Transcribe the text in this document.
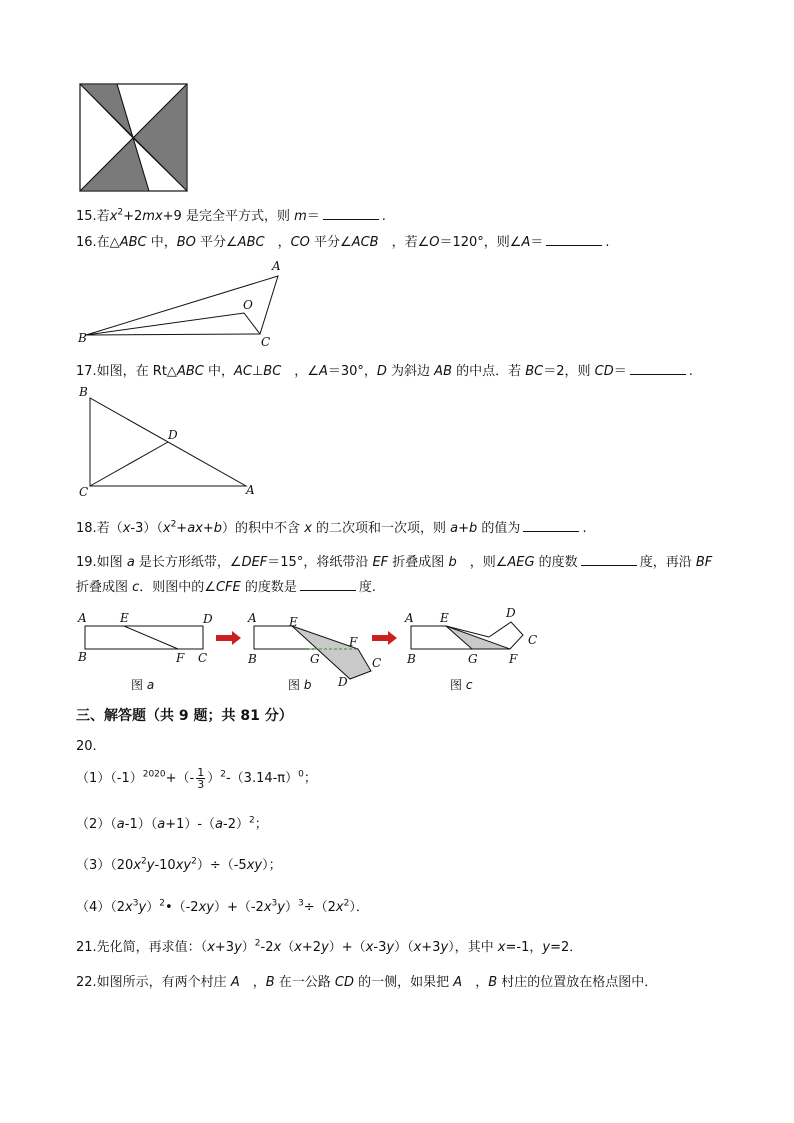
15.若$x^2+2mx+9$ 是完全平方式，则 m＝	.
16.在△ABC 中，BO 平分∠ABC　，CO 平分∠ACB　，若∠O＝120°，则∠A＝	.
A
O
B	C
17.如图，在 Rt△ABC 中，AC⊥BC　，∠A＝30°，D 为斜边 AB 的中点．若 BC＝2，则 CD＝	.
B
D
C	A
18.若$(x-3)(x^2+ax+b)$的积中不含 x 的二次项和一次项，则 a+b 的值为	.
19.如图 a 是长方形纸带，∠DEF＝15°，将纸带沿 EF 折叠成图 b　，则∠AEG 的度数	度，再沿 BF
折叠成图 c．则图中的∠CFE 的度数是	度.
A	E	D
B	F C
图 a
A	E
F
B	G	C
D
图 b
A E	D
C
B	G	F
图 c
三、解答题（共 9 题；共 81 分）
20.
$(1)(-1)^{2020}+(- \frac{1}{3} )^2-(3.14-\pi)^0$；
$(2)(a-1)(a+1)-(a-2)^2$；
$(3)(20x^2y-10xy^2)\div(-5xy)$；
$(4)(2x^3y)^2•(-2xy)+(-2x^3y)^3\div(2x^2)$．
21.先化简，再求值：$(x+3y)^2-2x(x+2y)+(x-3y)(x+3y)$，其中 x=-1，y=2．
22.如图所示，有两个村庄 A　，B 在一公路 CD 的一侧，如果把 A　，B 村庄的位置放在格点图中．
